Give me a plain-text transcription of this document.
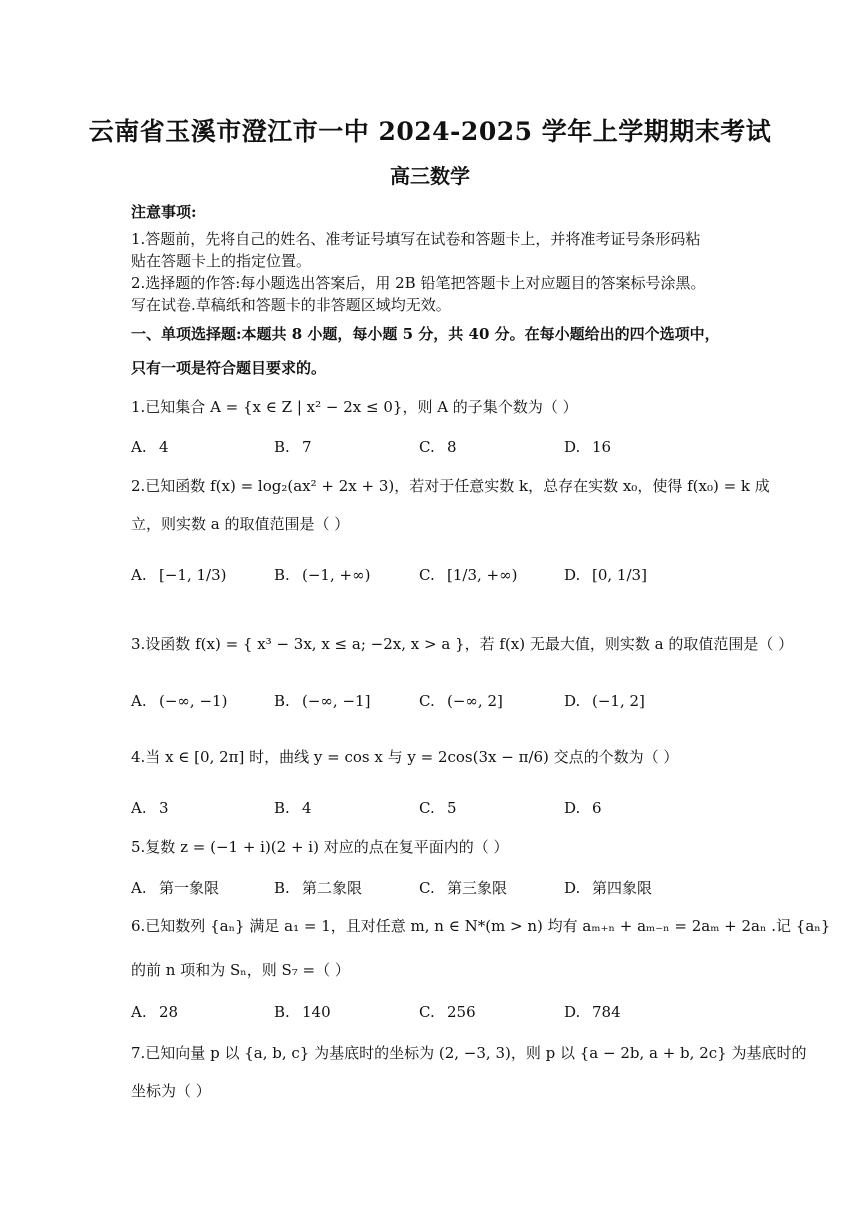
云南省玉溪市澄江市一中 2024-2025 学年上学期期末考试
高三数学
注意事项:
1.答题前，先将自己的姓名、准考证号填写在试卷和答题卡上，并将准考证号条形码粘
贴在答题卡上的指定位置。
2.选择题的作答:每小题选出答案后，用 2B 铅笔把答题卡上对应题目的答案标号涂黑。
写在试卷.草稿纸和答题卡的非答题区域均无效。
一、单项选择题:本题共 8 小题，每小题 5 分，共 40 分。在每小题给出的四个选项中，
只有一项是符合题目要求的。
1.已知集合 A = {x ∈ Z | x² − 2x ≤ 0}，则 A 的子集个数为（ ）
A. 4	B. 7	C. 8	D. 16
2.已知函数 f(x) = log₂(ax² + 2x + 3)，若对于任意实数 k，总存在实数 x₀，使得 f(x₀) = k 成
立，则实数 a 的取值范围是（ ）
A. [−1, 1/3)	B. (−1, +∞)	C. [1/3, +∞)	D. [0, 1/3]
3.设函数 f(x) = { x³ − 3x, x ≤ a; −2x, x > a }，若 f(x) 无最大值，则实数 a 的取值范围是（ ）
A. (−∞, −1)	B. (−∞, −1]	C. (−∞, 2]	D. (−1, 2]
4.当 x ∈ [0, 2π] 时，曲线 y = cos x 与 y = 2cos(3x − π/6) 交点的个数为（ ）
A. 3	B. 4	C. 5	D. 6
5.复数 z = (−1 + i)(2 + i) 对应的点在复平面内的（ ）
A. 第一象限	B. 第二象限	C. 第三象限	D. 第四象限
6.已知数列 {aₙ} 满足 a₁ = 1，且对任意 m, n ∈ N*(m > n) 均有 aₘ₊ₙ + aₘ₋ₙ = 2aₘ + 2aₙ .记 {aₙ}
的前 n 项和为 Sₙ，则 S₇ =（ ）
A. 28	B. 140	C. 256	D. 784
7.已知向量 p 以 {a, b, c} 为基底时的坐标为 (2, −3, 3)，则 p 以 {a − 2b, a + b, 2c} 为基底时的
坐标为（ ）
